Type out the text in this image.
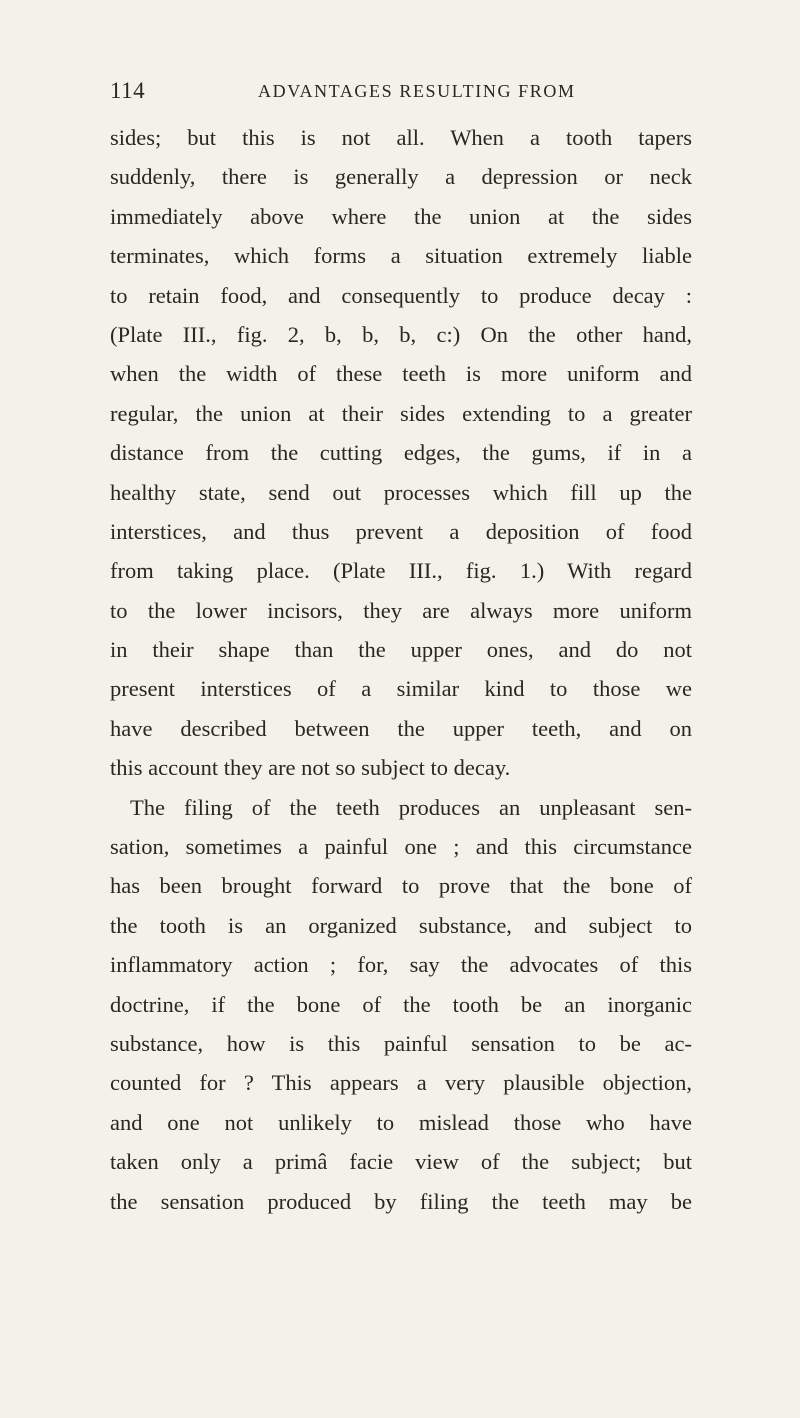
114	ADVANTAGES RESULTING FROM
sides; but this is not all. When a tooth tapers
suddenly, there is generally a depression or neck
immediately above where the union at the sides
terminates, which forms a situation extremely liable
to retain food, and consequently to produce decay :
(Plate III., fig. 2, b, b, b, c:) On the other hand,
when the width of these teeth is more uniform and
regular, the union at their sides extending to a greater
distance from the cutting edges, the gums, if in a
healthy state, send out processes which fill up the
interstices, and thus prevent a deposition of food
from taking place. (Plate III., fig. 1.) With regard
to the lower incisors, they are always more uniform
in their shape than the upper ones, and do not
present interstices of a similar kind to those we
have described between the upper teeth, and on
this account they are not so subject to decay.
The filing of the teeth produces an unpleasant sen-
sation, sometimes a painful one ; and this circumstance
has been brought forward to prove that the bone of
the tooth is an organized substance, and subject to
inflammatory action ; for, say the advocates of this
doctrine, if the bone of the tooth be an inorganic
substance, how is this painful sensation to be ac-
counted for ? This appears a very plausible objection,
and one not unlikely to mislead those who have
taken only a primâ facie view of the subject; but
the sensation produced by filing the teeth may be
